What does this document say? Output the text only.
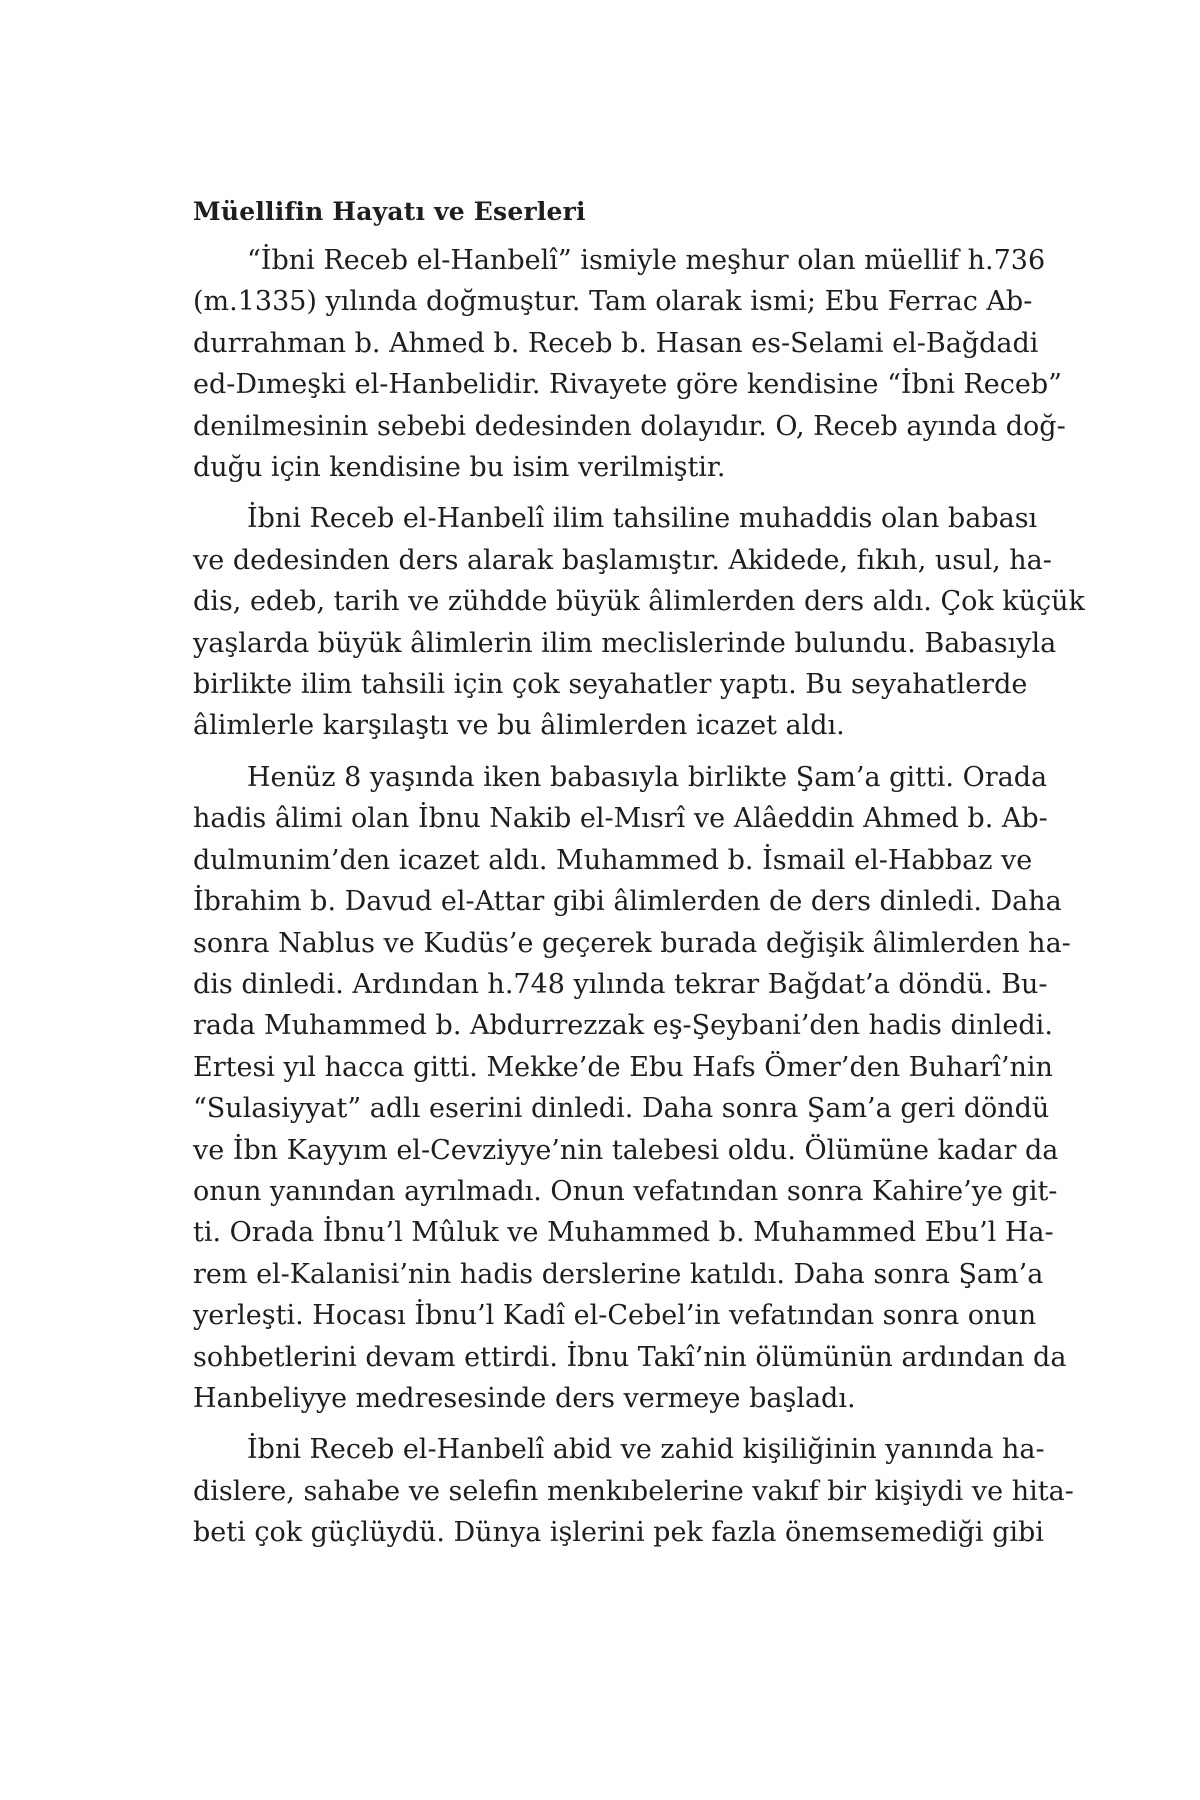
Müellifin Hayatı ve Eserleri
“İbni Receb el-Hanbelî” ismiyle meşhur olan müellif h.736
(m.1335) yılında doğmuştur. Tam olarak ismi; Ebu Ferrac Ab-
durrahman b. Ahmed b. Receb b. Hasan es-Selami el-Bağdadi
ed-Dımeşki el-Hanbelidir. Rivayete göre kendisine “İbni Receb”
denilmesinin sebebi dedesinden dolayıdır. O, Receb ayında doğ-
duğu için kendisine bu isim verilmiştir.
İbni Receb el-Hanbelî ilim tahsiline muhaddis olan babası
ve dedesinden ders alarak başlamıştır. Akidede, fıkıh, usul, ha-
dis, edeb, tarih ve zühdde büyük âlimlerden ders aldı. Çok küçük
yaşlarda büyük âlimlerin ilim meclislerinde bulundu. Babasıyla
birlikte ilim tahsili için çok seyahatler yaptı. Bu seyahatlerde
âlimlerle karşılaştı ve bu âlimlerden icazet aldı.
Henüz 8 yaşında iken babasıyla birlikte Şam’a gitti. Orada
hadis âlimi olan İbnu Nakib el-Mısrî ve Alâeddin Ahmed b. Ab-
dulmunim’den icazet aldı. Muhammed b. İsmail el-Habbaz ve
İbrahim b. Davud el-Attar gibi âlimlerden de ders dinledi. Daha
sonra Nablus ve Kudüs’e geçerek burada değişik âlimlerden ha-
dis dinledi. Ardından h.748 yılında tekrar Bağdat’a döndü. Bu-
rada Muhammed b. Abdurrezzak eş-Şeybani’den hadis dinledi.
Ertesi yıl hacca gitti. Mekke’de Ebu Hafs Ömer’den Buharî’nin
“Sulasiyyat” adlı eserini dinledi. Daha sonra Şam’a geri döndü
ve İbn Kayyım el-Cevziyye’nin talebesi oldu. Ölümüne kadar da
onun yanından ayrılmadı. Onun vefatından sonra Kahire’ye git-
ti. Orada İbnu’l Mûluk ve Muhammed b. Muhammed Ebu’l Ha-
rem el-Kalanisi’nin hadis derslerine katıldı. Daha sonra Şam’a
yerleşti. Hocası İbnu’l Kadî el-Cebel’in vefatından sonra onun
sohbetlerini devam ettirdi. İbnu Takî’nin ölümünün ardından da
Hanbeliyye medresesinde ders vermeye başladı.
İbni Receb el-Hanbelî abid ve zahid kişiliğinin yanında ha-
dislere, sahabe ve selefin menkıbelerine vakıf bir kişiydi ve hita-
beti çok güçlüydü. Dünya işlerini pek fazla önemsemediği gibi
